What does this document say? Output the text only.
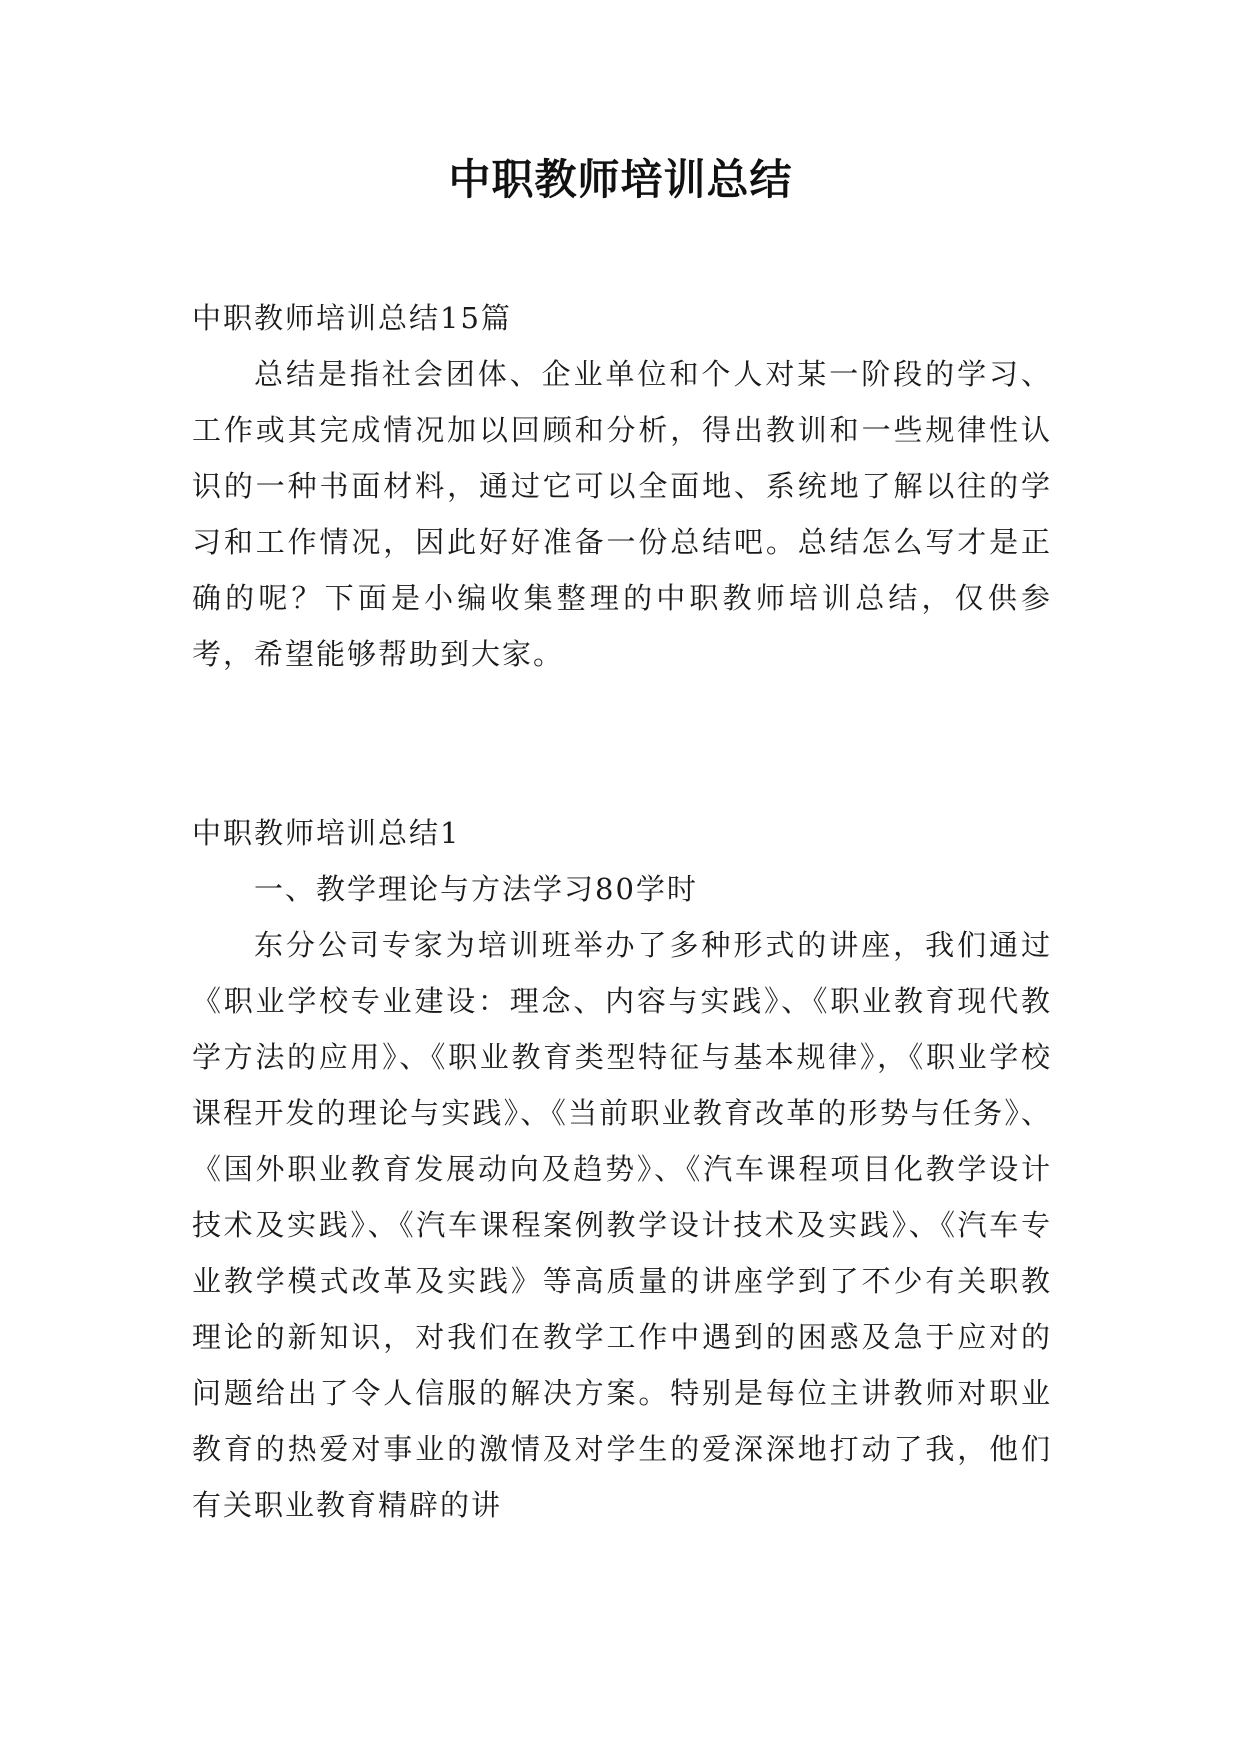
中职教师培训总结

中职教师培训总结15篇

总结是指社会团体、企业单位和个人对某一阶段的学习、工作或其完成情况加以回顾和分析，得出教训和一些规律性认识的一种书面材料，通过它可以全面地、系统地了解以往的学习和工作情况，因此好好准备一份总结吧。总结怎么写才是正确的呢？下面是小编收集整理的中职教师培训总结，仅供参考，希望能够帮助到大家。

中职教师培训总结1

一、教学理论与方法学习80学时

东分公司专家为培训班举办了多种形式的讲座，我们通过《职业学校专业建设：理念、内容与实践》、《职业教育现代教学方法的应用》、《职业教育类型特征与基本规律》，《职业学校课程开发的理论与实践》、《当前职业教育改革的形势与任务》、《国外职业教育发展动向及趋势》、《汽车课程项目化教学设计技术及实践》、《汽车课程案例教学设计技术及实践》、《汽车专业教学模式改革及实践》等高质量的讲座学到了不少有关职教理论的新知识，对我们在教学工作中遇到的困惑及急于应对的问题给出了令人信服的解决方案。特别是每位主讲教师对职业教育的热爱对事业的激情及对学生的爱深深地打动了我，他们有关职业教育精辟的讲
